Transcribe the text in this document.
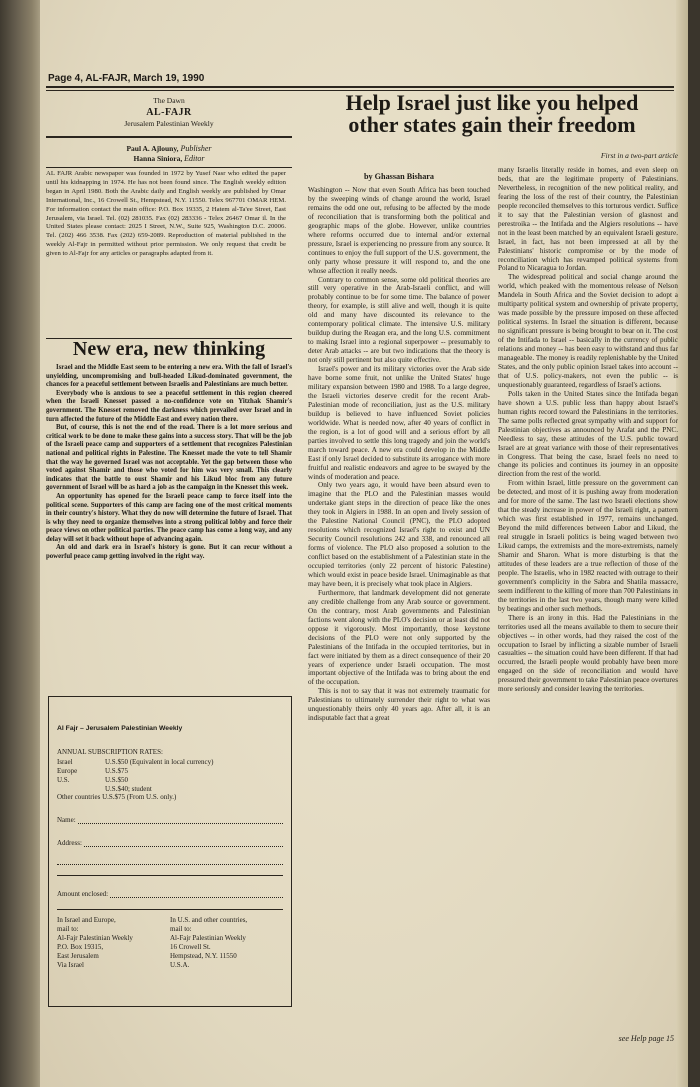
Page 4, AL-FAJR, March 19, 1990
The Dawn
AL-FAJR
Jerusalem Palestinian Weekly
Paul A. Ajlouny, Publisher
Hanna Siniora, Editor
AL FAJR Arabic newspaper was founded in 1972 by Yusef Nasr who edited the paper until his kidnapping in 1974. He has not been found since. The English weekly edition began in April 1980. Both the Arabic daily and English weekly are published by Omar International, Inc., 16 Crowell St., Hempstead, N.Y. 11550. Telex 967701 OMAR HEM. For information contact the main office: P.O. Box 19335, 2 Hatem al-Ta'ee Street, East Jerusalem, via Israel. Tel. (02) 281035. Fax (02) 283336 - Telex 26467 Omar il. In the United States please contact: 2025 I Street, N.W., Suite 925, Washington D.C. 20006. Tel. (202) 466 3538. Fax (202) 659-2089. Reproduction of material published in the weekly Al-Fajr in permitted without prior permission. We only request that credit be given to Al-Fajr for any articles or paragraphs adapted from it.
New era, new thinking

Israel and the Middle East seem to be entering a new era. With the fall of Israel's unyielding, uncompromising and bull-headed Likud-dominated government, the chances for a peaceful settlement between Israelis and Palestinians are much better.

Everybody who is anxious to see a peaceful settlement in this region cheered when the Israeli Knesset passed a no-confidence vote on Yitzhak Shamir's government. The Knesset removed the darkness which prevailed over Israel and in turn affected the future of the Middle East and every nation there.

But, of course, this is not the end of the road. There is a lot more serious and critical work to be done to make these gains into a success story. That will be the job of the Israeli peace camp and supporters of a settlement that recognizes Palestinian national and political rights in Palestine. The Knesset made the vote to tell Shamir that the way he governed Israel was not acceptable. Yet the gap between those who voted against Shamir and those who voted for him was very small. This clearly indicates that the battle to oust Shamir and his Likud bloc from any future government of Israel will be as hard a job as the campaign in the Knesset this week.

An opportunity has opened for the Israeli peace camp to force itself into the political scene. Supporters of this camp are facing one of the most critical moments in their country's history. What they do now will determine the future of Israel. That is why they need to organize themselves into a strong political lobby and force their peace views on other political parties. The peace camp has come a long way, and any delay will set it back without hope of advancing again.

An old and dark era in Israel's history is gone. But it can recur without a powerful peace camp getting involved in the right way.

Al Fajr – Jerusalem Palestinian Weekly
ANNUAL SUBSCRIPTION RATES:
Israel	U.S.$50 (Equivalent in local currency)
Europe	U.S.$75
U.S.	U.S.$50
U.S.$40; student
Other countries U.S.$75 (From U.S. only.)
Name:
Address:
Amount enclosed:
In Israel and Europe,
mail to:
Al-Fajr Palestinian Weekly
P.O. Box 19315,
East Jerusalem
Via Israel
In U.S. and other countries,
mail to:
Al-Fajr Palestinian Weekly
16 Crowell St.
Hempstead, N.Y. 11550
U.S.A.
Help Israel just like you helped
other states gain their freedom
First in a two-part article
by Ghassan Bishara

Washington -- Now that even South Africa has been touched by the sweeping winds of change around the world, Israel remains the odd one out, refusing to be affected by the mode of reconciliation that is transforming both the political and geographic maps of the globe. However, unlike countries where reforms occurred due to internal and/or external pressure, Israel is experiencing no pressure from any source. It continues to enjoy the full support of the U.S. government, the only party whose pressure it will respond to, and the one whose affection it really needs.

Contrary to common sense, some old political theories are still very operative in the Arab-Israeli conflict, and will probably continue to be for some time. The balance of power theory, for example, is still alive and well, though it is quite old and many have discounted its relevance to the contemporary political climate. The intensive U.S. military buildup during the Reagan era, and the long U.S. commitment to making Israel into a regional superpower -- presumably to deter Arab attacks -- are but two indications that the theory is not only still pertinent but also quite effective.

Israel's power and its military victories over the Arab side have borne some fruit, not unlike the United States' huge military expansion between 1980 and 1988. To a large degree, the Israeli victories deserve credit for the recent Arab-Palestinian mode of reconciliation, just as the U.S. military buildup is believed to have influenced Soviet policies worldwide. What is needed now, after 40 years of conflict in the region, is a lot of good will and a serious effort by all parties involved to settle this long tragedy and join the world's march toward peace. A new era could develop in the Middle East if only Israel decided to substitute its arrogance with more fruitful and realistic endeavors and agree to be swayed by the winds of moderation and peace.

Only two years ago, it would have been absurd even to imagine that the PLO and the Palestinian masses would undertake giant steps in the direction of peace like the ones they took in Algiers in 1988. In an open and lively session of the Palestine National Council (PNC), the PLO adopted resolutions which recognized Israel's right to exist and UN Security Council resolutions 242 and 338, and renounced all forms of violence. The PLO also proposed a solution to the conflict based on the establishment of a Palestinian state in the occupied territories (only 22 percent of historic Palestine) which would exist in peace beside Israel. Unimaginable as that may have been, it is precisely what took place in Algiers.

Furthermore, that landmark development did not generate any credible challenge from any Arab source or government. On the contrary, most Arab governments and Palestinian factions went along with the PLO's decision or at least did not oppose it vigorously. Most importantly, those keystone decisions of the PLO were not only supported by the Palestinians of the Intifada in the occupied territories, but in fact were initiated by them as a direct consequence of their 20 years of experience under Israeli occupation. The most important objective of the Intifada was to bring about the end of the occupation.

This is not to say that it was not extremely traumatic for Palestinians to ultimately surrender their right to what was unquestionably theirs only 40 years ago. After all, it is an indisputable fact that a great

many Israelis literally reside in homes, and even sleep on beds, that are the legitimate property of Palestinians. Nevertheless, in recognition of the new political reality, and fearing the loss of the rest of their country, the Palestinian people reconciled themselves to this torturous verdict. Suffice it to say that the Palestinian version of glasnost and perestroika -- the Intifada and the Algiers resolutions -- have not in the least been matched by an equivalent Israeli gesture. Israel, in fact, has not been impressed at all by the Palestinians' historic compromise or by the mode of reconciliation which has revamped political systems from Poland to Nicaragua to Jordan.

The widespread political and social change around the world, which peaked with the momentous release of Nelson Mandela in South Africa and the Soviet decision to adopt a multiparty political system and ownership of private property, was made possible by the pressure imposed on these affected political systems. In Israel the situation is different, because no significant pressure is being brought to bear on it. The cost of the Intifada to Israel -- basically in the currency of public relations and money -- has been easy to withstand and thus far manageable. The money is readily replenishable by the United States, and the only public opinion Israel takes into account -- that of U.S. policy-makers, not even the public -- is unquestionably guaranteed, regardless of Israel's actions.

Polls taken in the United States since the Intifada began have shown a U.S. public less than happy about Israel's human rights record toward the Palestinians in the territories. The same polls reflected great sympathy with and support for Palestinian objectives as announced by Arafat and the PNC. Needless to say, these attitudes of the U.S. public toward Israel are at great variance with those of their representatives in Congress. That being the case, Israel feels no need to change its policies and continues its journey in an opposite direction from the rest of the world.

From within Israel, little pressure on the government can be detected, and most of it is pushing away from moderation and for more of the same. The last two Israeli elections show that the steady increase in power of the Israeli right, a pattern which was first established in 1977, remains unchanged. Beyond the mild differences between Labor and Likud, the real struggle in Israeli politics is being waged between two Likud camps, the extremists and the more-extremists, namely Shamir and Sharon. What is more disturbing is that the attitudes of these leaders are a true reflection of those of the people. The Israelis, who in 1982 reacted with outrage to their government's complicity in the Sabra and Shatila massacre, seem indifferent to the killing of more than 700 Palestinians in the territories in the last two years, though many were killed by beatings and other such methods.

There is an irony in this. Had the Palestinians in the territories used all the means available to them to secure their objectives -- in other words, had they raised the cost of the occupation to Israel by inflicting a sizable number of Israeli casualties -- the situation could have been different. If that had occurred, the Israeli people would probably have been more engaged on the side of reconciliation and would have pressured their government to take Palestinian peace overtures more seriously and consider leaving the territories.

see Help page 15
